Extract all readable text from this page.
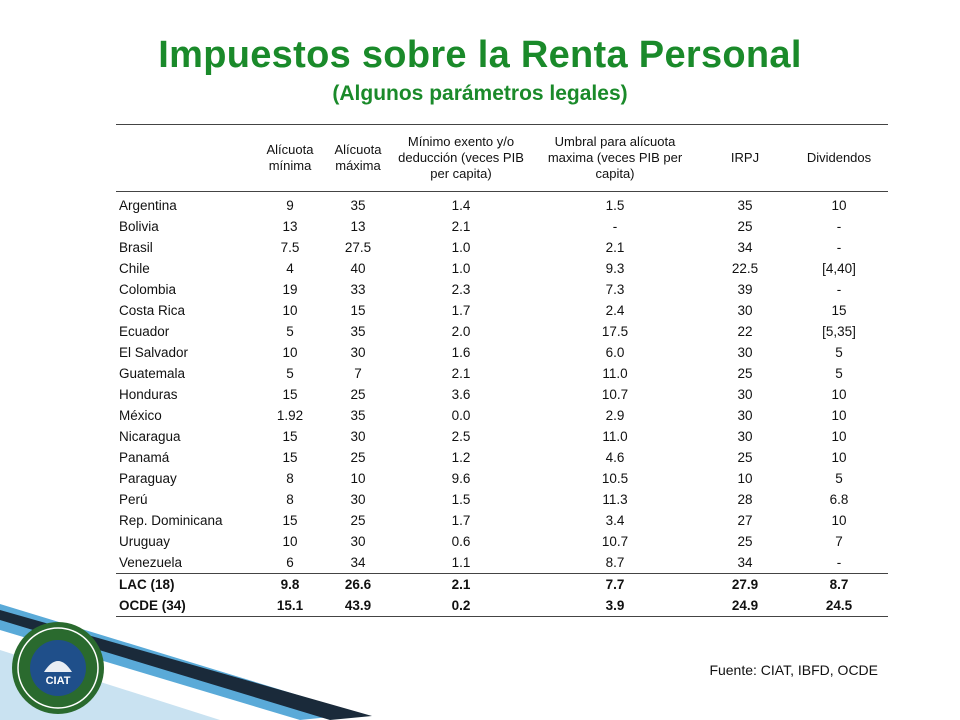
Impuestos sobre la Renta Personal
(Algunos parámetros legales)
	Alícuota mínima	Alícuota máxima	Mínimo exento y/o deducción (veces PIB per capita)	Umbral para alícuota maxima (veces PIB per capita)	IRPJ	Dividendos
Argentina	9	35	1.4	1.5	35	10
Bolivia	13	13	2.1	-	25	-
Brasil	7.5	27.5	1.0	2.1	34	-
Chile	4	40	1.0	9.3	22.5	[4,40]
Colombia	19	33	2.3	7.3	39	-
Costa Rica	10	15	1.7	2.4	30	15
Ecuador	5	35	2.0	17.5	22	[5,35]
El Salvador	10	30	1.6	6.0	30	5
Guatemala	5	7	2.1	11.0	25	5
Honduras	15	25	3.6	10.7	30	10
México	1.92	35	0.0	2.9	30	10
Nicaragua	15	30	2.5	11.0	30	10
Panamá	15	25	1.2	4.6	25	10
Paraguay	8	10	9.6	10.5	10	5
Perú	8	30	1.5	11.3	28	6.8
Rep. Dominicana	15	25	1.7	3.4	27	10
Uruguay	10	30	0.6	10.7	25	7
Venezuela	6	34	1.1	8.7	34	-
LAC (18)	9.8	26.6	2.1	7.7	27.9	8.7
OCDE (34)	15.1	43.9	0.2	3.9	24.9	24.5
CIAT
Fuente: CIAT, IBFD, OCDE
